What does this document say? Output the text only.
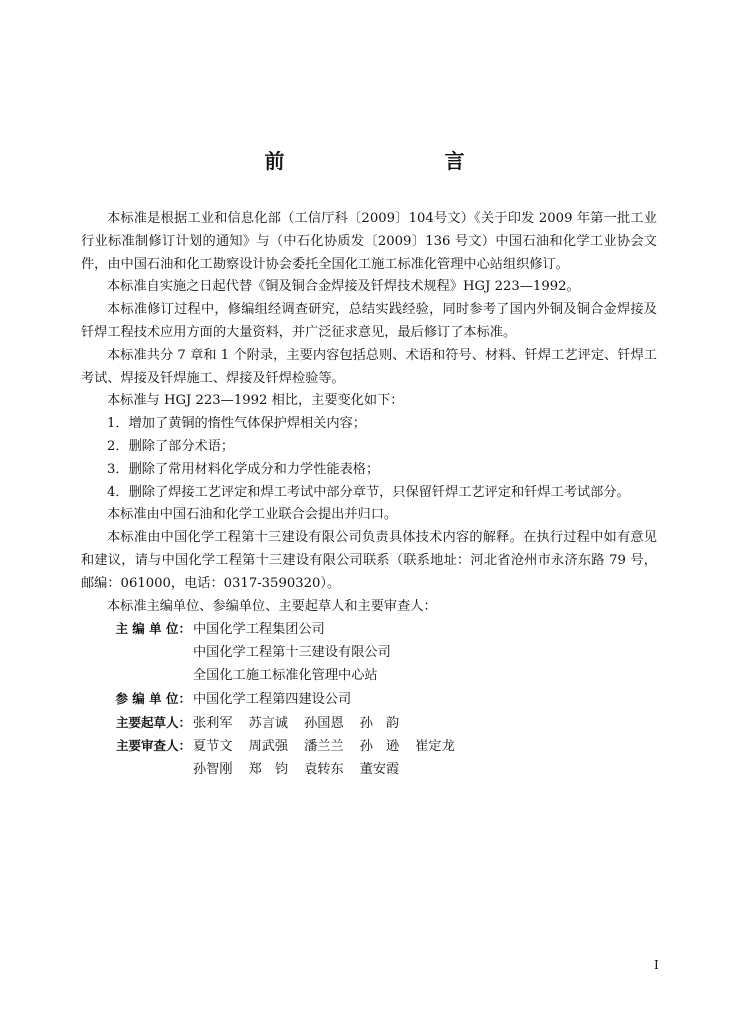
前　　言

本标准是根据工业和信息化部（工信厅科〔2009〕104号文）《关于印发 2009 年第一批工业行业标准制修订计划的通知》与（中石化协质发〔2009〕136 号文）中国石油和化学工业协会文件，由中国石油和化工勘察设计协会委托全国化工施工标准化管理中心站组织修订。

本标准自实施之日起代替《铜及铜合金焊接及钎焊技术规程》HGJ 223—1992。

本标准修订过程中，修编组经调查研究，总结实践经验，同时参考了国内外铜及铜合金焊接及钎焊工程技术应用方面的大量资料，并广泛征求意见，最后修订了本标准。

本标准共分 7 章和 1 个附录，主要内容包括总则、术语和符号、材料、钎焊工艺评定、钎焊工考试、焊接及钎焊施工、焊接及钎焊检验等。

本标准与 HGJ 223—1992 相比，主要变化如下：

1．增加了黄铜的惰性气体保护焊相关内容；

2．删除了部分术语；

3．删除了常用材料化学成分和力学性能表格；

4．删除了焊接工艺评定和焊工考试中部分章节，只保留钎焊工艺评定和钎焊工考试部分。

本标准由中国石油和化学工业联合会提出并归口。

本标准由中国化学工程第十三建设有限公司负责具体技术内容的解释。在执行过程中如有意见和建议，请与中国化学工程第十三建设有限公司联系（联系地址：河北省沧州市永济东路 79 号，邮编：061000，电话：0317-3590320）。

本标准主编单位、参编单位、主要起草人和主要审查人：

主 编 单 位： 中国化学工程集团公司
中国化学工程第十三建设有限公司
全国化工施工标准化管理中心站
参 编 单 位： 中国化学工程第四建设公司
主要起草人： 张利军 苏言诚 孙国恩 孙　韵
主要审查人： 夏节文 周武强 潘兰兰 孙　逊 崔定龙
孙智刚 郑　钧 袁转东 董安霞
I
